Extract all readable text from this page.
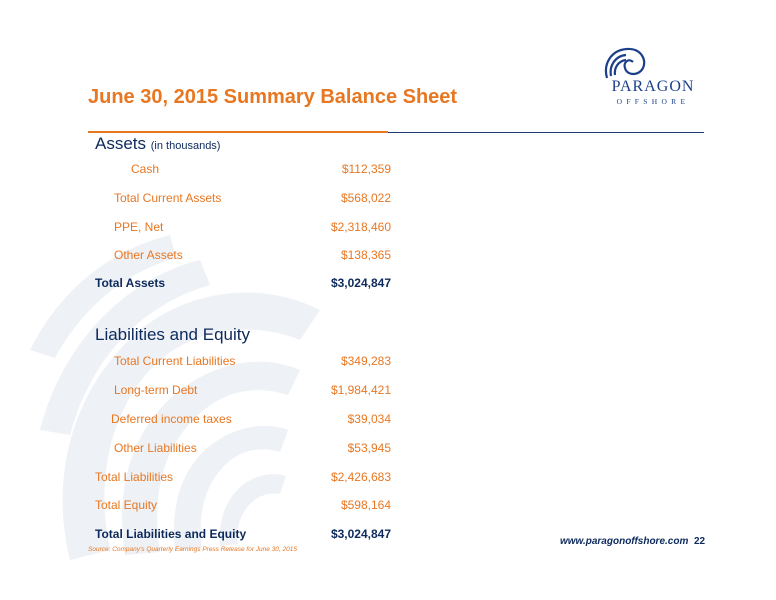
PARAGON
OFFSHORE
June 30, 2015 Summary Balance Sheet
Assets (in thousands)
Cash	$112,359
Total Current Assets	$568,022
PPE, Net	$2,318,460
Other Assets	$138,365
Total Assets	$3,024,847
Liabilities and Equity
Total Current Liabilities	$349,283
Long-term Debt	$1,984,421
Deferred income taxes	$39,034
Other Liabilities	$53,945
Total Liabilities	$2,426,683
Total Equity	$598,164
Total Liabilities and Equity	$3,024,847
Source: Company's Quarterly Earnings Press Release for June 30, 2015
www.paragonoffshore.com 22
